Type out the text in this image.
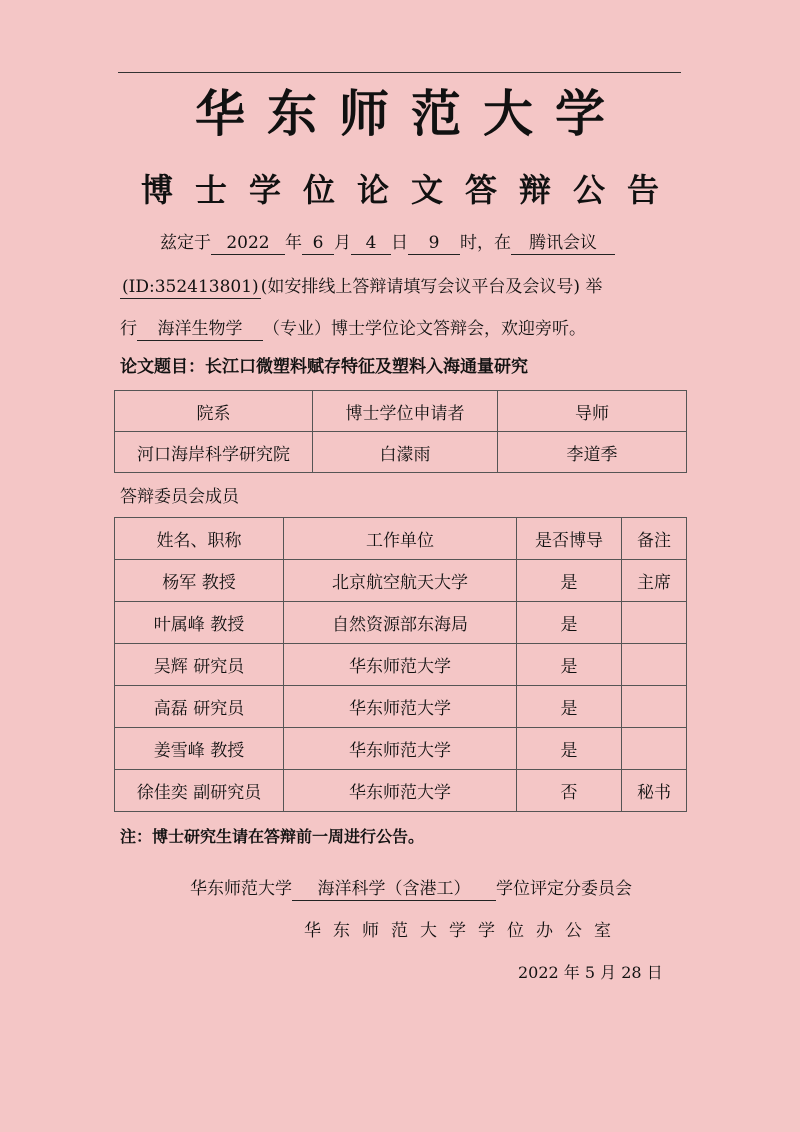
华东师范大学
博士学位论文答辩公告
兹定于 2022 年 6 月 4 日 9 时，在 腾讯会议
(ID:352413801) (如安排线上答辩请填写会议平台及会议号) 举
行 海洋生物学 （专业）博士学位论文答辩会，欢迎旁听。
论文题目：长江口微塑料赋存特征及塑料入海通量研究
院系	博士学位申请者	导师
河口海岸科学研究院	白濛雨	李道季
答辩委员会成员
姓名、职称	工作单位	是否博导	备注
杨军 教授	北京航空航天大学	是	主席
叶属峰 教授	自然资源部东海局	是	
吴辉 研究员	华东师范大学	是	
高磊 研究员	华东师范大学	是	
姜雪峰 教授	华东师范大学	是	
徐佳奕 副研究员	华东师范大学	否	秘书
注：博士研究生请在答辩前一周进行公告。
华东师范大学 海洋科学（含港工） 学位评定分委员会
华东师范大学学位办公室
2022 年 5 月 28 日
